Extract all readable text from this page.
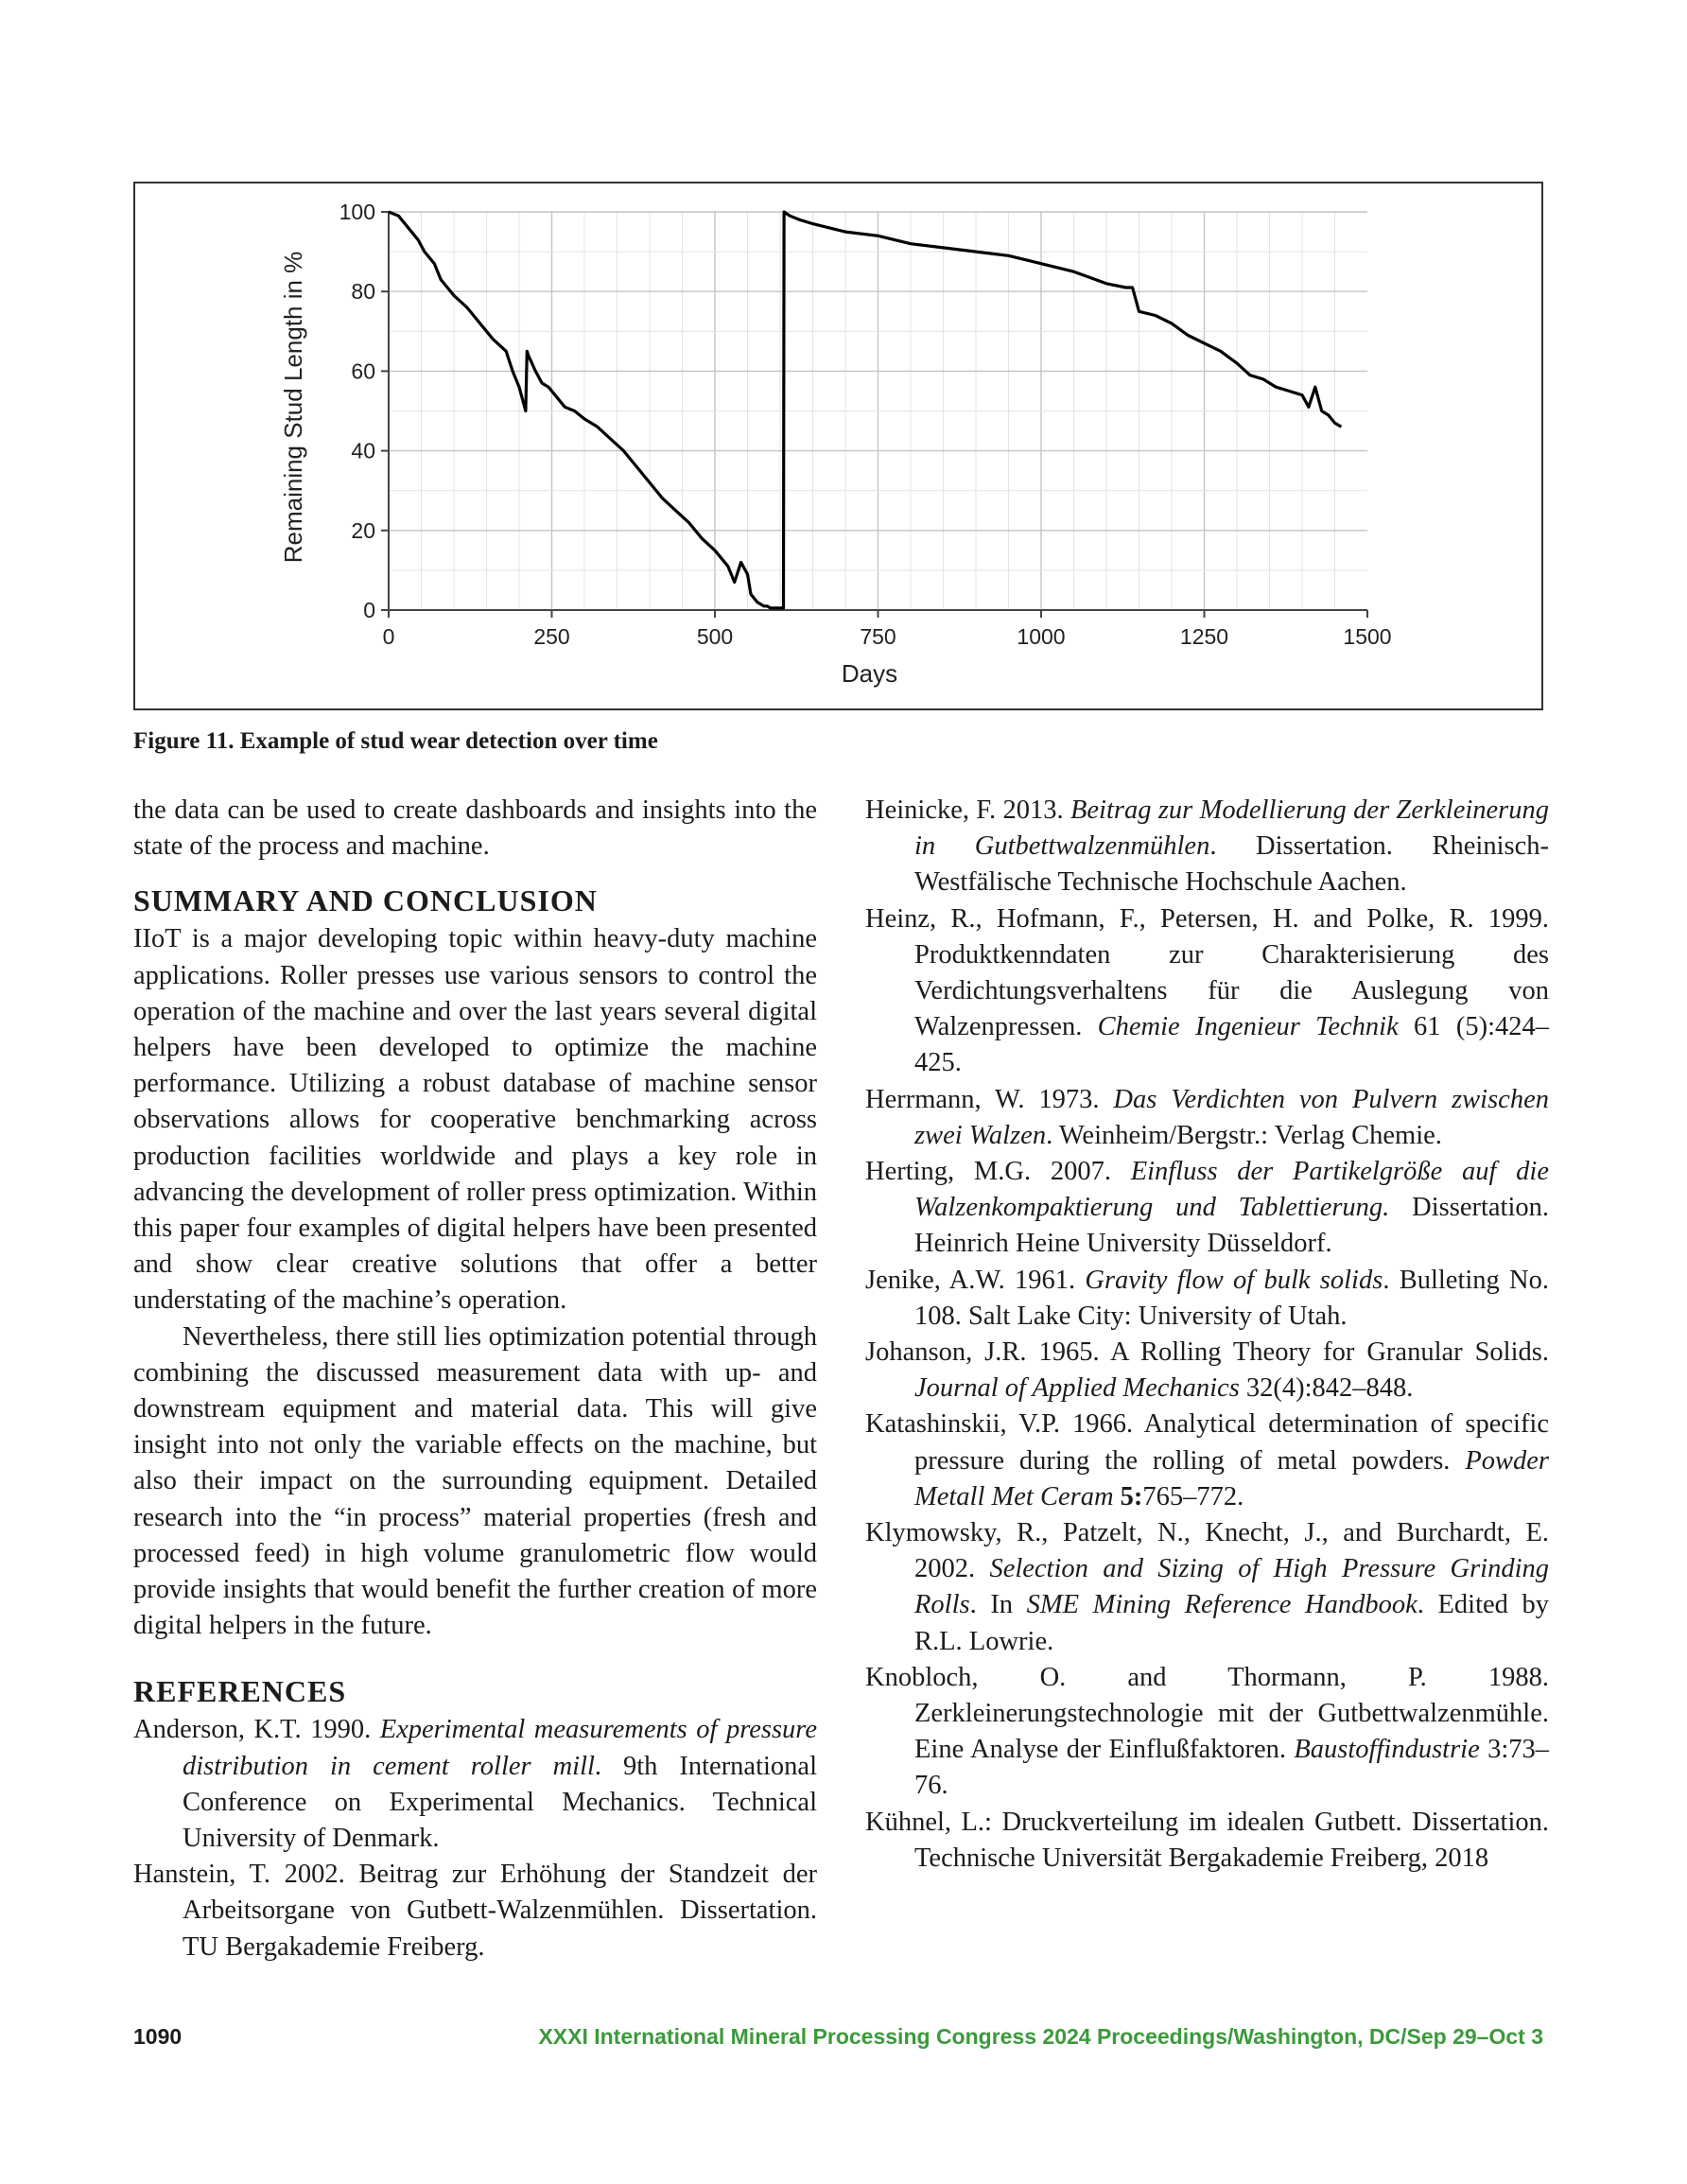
0	250	500	750	1000	1250	1500
0
20
40
60
80
100
Days
Remaining Stud Length in %
Figure 11. Example of stud wear detection over time

the data can be used to create dashboards and insights into the state of the process and machine.

SUMMARY AND CONCLUSION

IIoT is a major developing topic within heavy-duty machine applications. Roller presses use various sensors to control the operation of the machine and over the last years several digital helpers have been developed to optimize the machine performance. Utilizing a robust database of machine sensor observations allows for cooperative benchmarking across production facilities worldwide and plays a key role in advancing the development of roller press optimization. Within this paper four examples of digital helpers have been presented and show clear creative solutions that offer a better understating of the machine’s operation.

Nevertheless, there still lies optimization potential through combining the discussed measurement data with up- and downstream equipment and material data. This will give insight into not only the variable effects on the machine, but also their impact on the surrounding equipment. Detailed research into the “in process” material properties (fresh and processed feed) in high volume granulometric flow would provide insights that would benefit the further creation of more digital helpers in the future.

REFERENCES

Anderson, K.T. 1990. Experimental measurements of pressure distribution in cement roller mill. 9th International Conference on Experimental Mechanics. Technical University of Denmark.

Hanstein, T. 2002. Beitrag zur Erhöhung der Standzeit der Arbeitsorgane von Gutbett-Walzenmühlen. Dissertation. TU Bergakademie Freiberg.

Heinicke, F. 2013. Beitrag zur Modellierung der Zerkleinerung in Gutbettwalzenmühlen. Dissertation. Rheinisch-Westfälische Technische Hochschule Aachen.

Heinz, R., Hofmann, F., Petersen, H. and Polke, R. 1999. Produktkenndaten zur Charakterisierung des Verdichtungsverhaltens für die Auslegung von Walzenpressen. Chemie Ingenieur Technik 61 (5):424–425.

Herrmann, W. 1973. Das Verdichten von Pulvern zwischen zwei Walzen. Weinheim/Bergstr.: Verlag Chemie.

Herting, M.G. 2007. Einfluss der Partikelgröße auf die Walzenkompaktierung und Tablettierung. Dissertation. Heinrich Heine University Düsseldorf.

Jenike, A.W. 1961. Gravity flow of bulk solids. Bulleting No. 108. Salt Lake City: University of Utah.

Johanson, J.R. 1965. A Rolling Theory for Granular Solids. Journal of Applied Mechanics 32(4):842–848.

Katashinskii, V.P. 1966. Analytical determination of specific pressure during the rolling of metal powders. Powder Metall Met Ceram 5:765–772.

Klymowsky, R., Patzelt, N., Knecht, J., and Burchardt, E. 2002. Selection and Sizing of High Pressure Grinding Rolls. In SME Mining Reference Handbook. Edited by R.L. Lowrie.

Knobloch, O. and Thormann, P. 1988. Zerkleinerungstechnologie mit der Gutbettwalzenmühle. Eine Analyse der Einflußfaktoren. Baustoffindustrie 3:73–76.

Kühnel, L.: Druckverteilung im idealen Gutbett. Dissertation. Technische Universität Bergakademie Freiberg, 2018

1090	XXXI International Mineral Processing Congress 2024 Proceedings/Washington, DC/Sep 29–Oct 3
